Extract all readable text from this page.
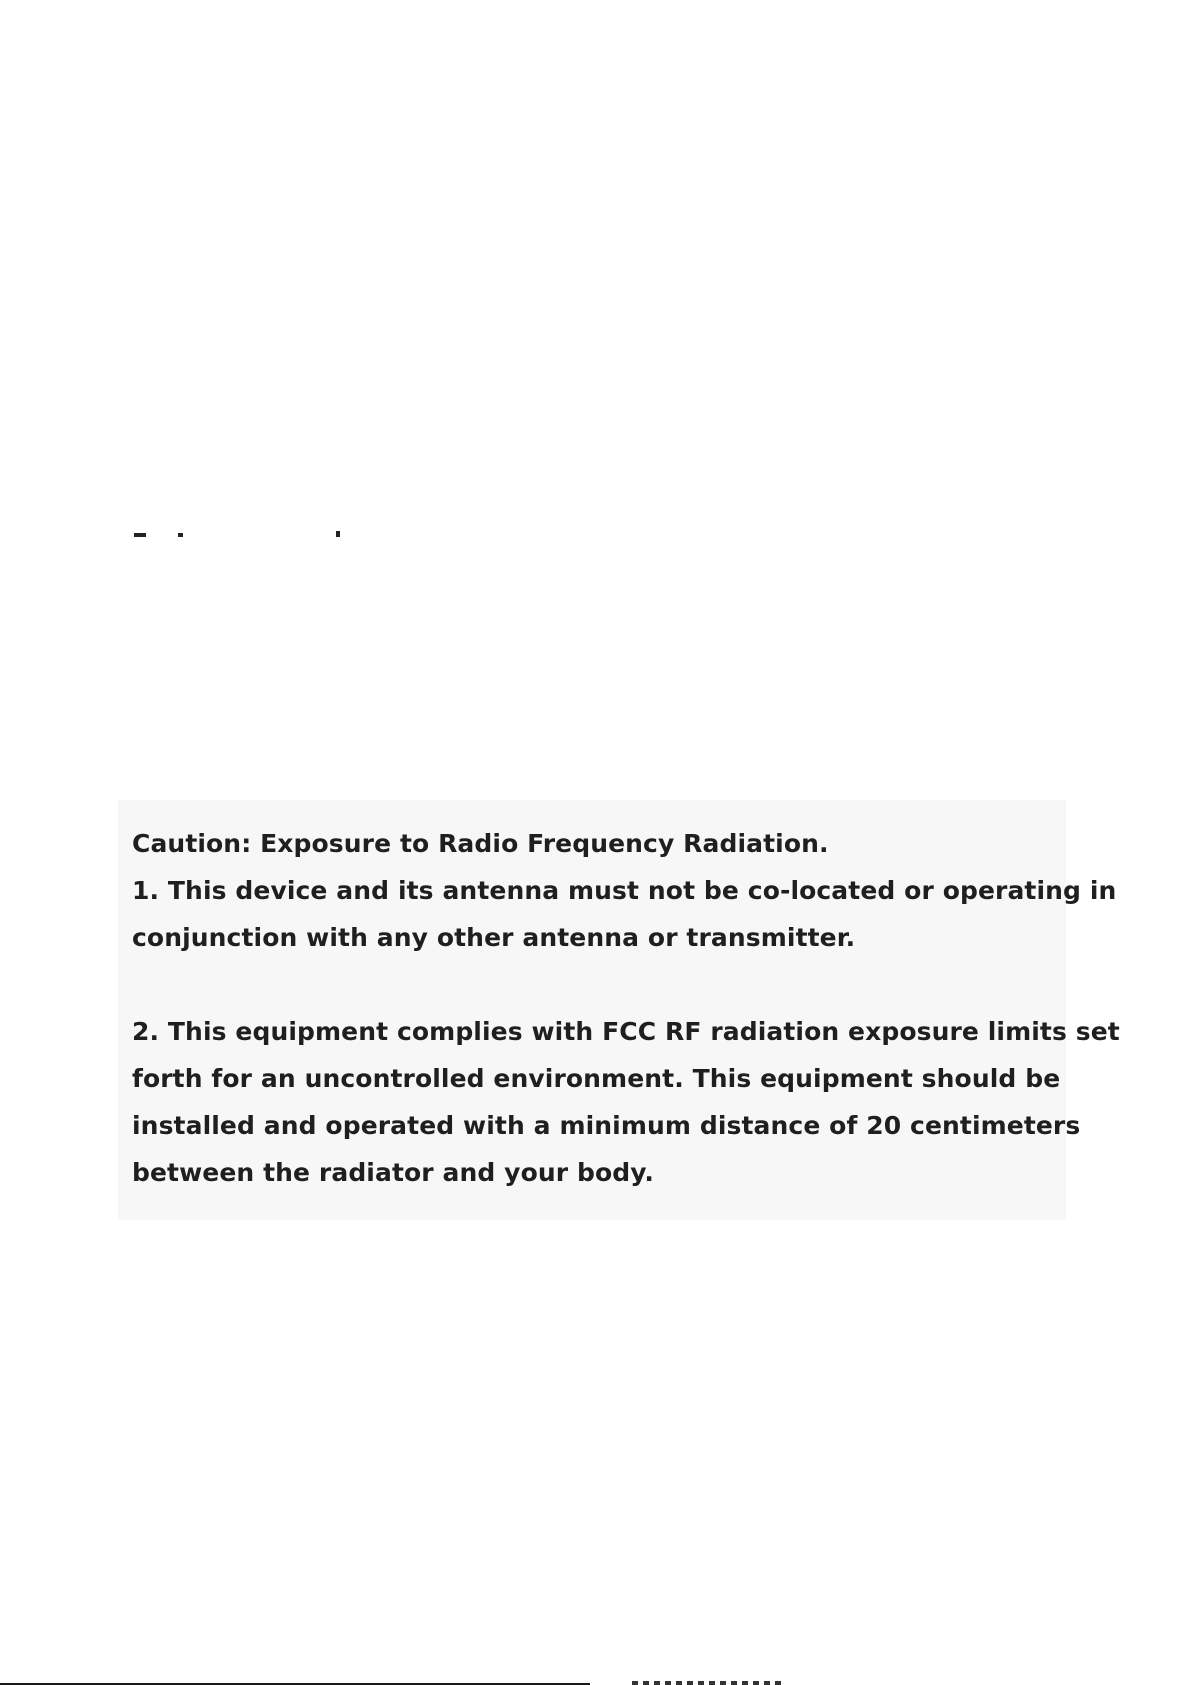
Caution: Exposure to Radio Frequency Radiation.
1. This device and its antenna must not be co-located or operating in
conjunction with any other antenna or transmitter.
2. This equipment complies with FCC RF radiation exposure limits set
forth for an uncontrolled environment. This equipment should be
installed and operated with a minimum distance of 20 centimeters
between the radiator and your body.
